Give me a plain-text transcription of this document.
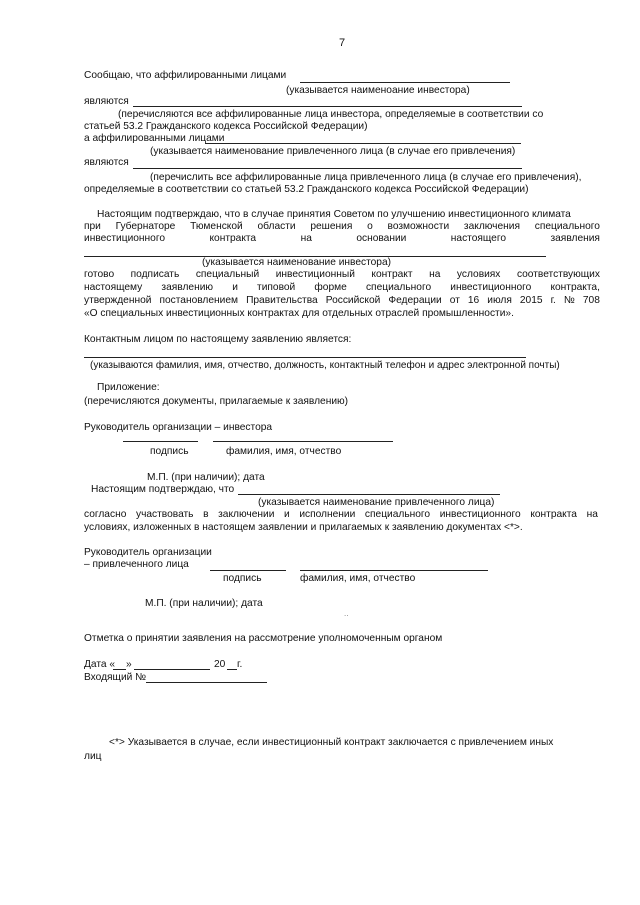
7
Сообщаю, что аффилированными лицами
(указывается наименоание инвестора)
являются
(перечисляются все аффилированные лица инвестора, определяемые в соответствии со
статьей 53.2 Гражданского кодекса Российской Федерации)
а аффилированными лицами
(указывается наименование привлеченного лица (в случае его привлечения)
являются
(перечислить все аффилированные лица привлеченного лица (в случае его привлечения),
определяемые в соответствии со статьей 53.2 Гражданского кодекса Российской Федерации)
Настоящим подтверждаю, что в случае принятия Советом по улучшению инвестиционного климата
при Губернаторе Тюменской области решения о возможности заключения специального
инвестиционного	контракта	на	основании	настоящего	заявления
(указывается наименование инвестора)
готово подписать специальный инвестиционный контракт на условиях соответствующих
настоящему заявлению и типовой форме специального инвестиционного контракта,
утвержденной постановлением Правительства Российской Федерации от 16 июля 2015 г. № 708
«О специальных инвестиционных контрактах для отдельных отраслей промышленности».
Контактным лицом по настоящему заявлению является:
(указываются фамилия, имя, отчество, должность, контактный телефон и адрес электронной почты)
Приложение:
(перечисляются документы, прилагаемые к заявлению)
Руководитель организации – инвестора
подпись	фамилия, имя, отчество
М.П. (при наличии); дата
Настоящим подтверждаю, что
(указывается наименование привлеченного лица)
согласно участвовать в заключении и исполнении специального инвестиционного контракта на
условиях, изложенных в настоящем заявлении и прилагаемых к заявлению документах <*>.
Руководитель организации
– привлеченного лица
подпись	фамилия, имя, отчество
М.П. (при наличии); дата
..
Отметка о принятии заявления на рассмотрение уполномоченным органом
Дата « »	20 г.
Входящий №
<*> Указывается в случае, если инвестиционный контракт заключается с привлечением иных
лиц
